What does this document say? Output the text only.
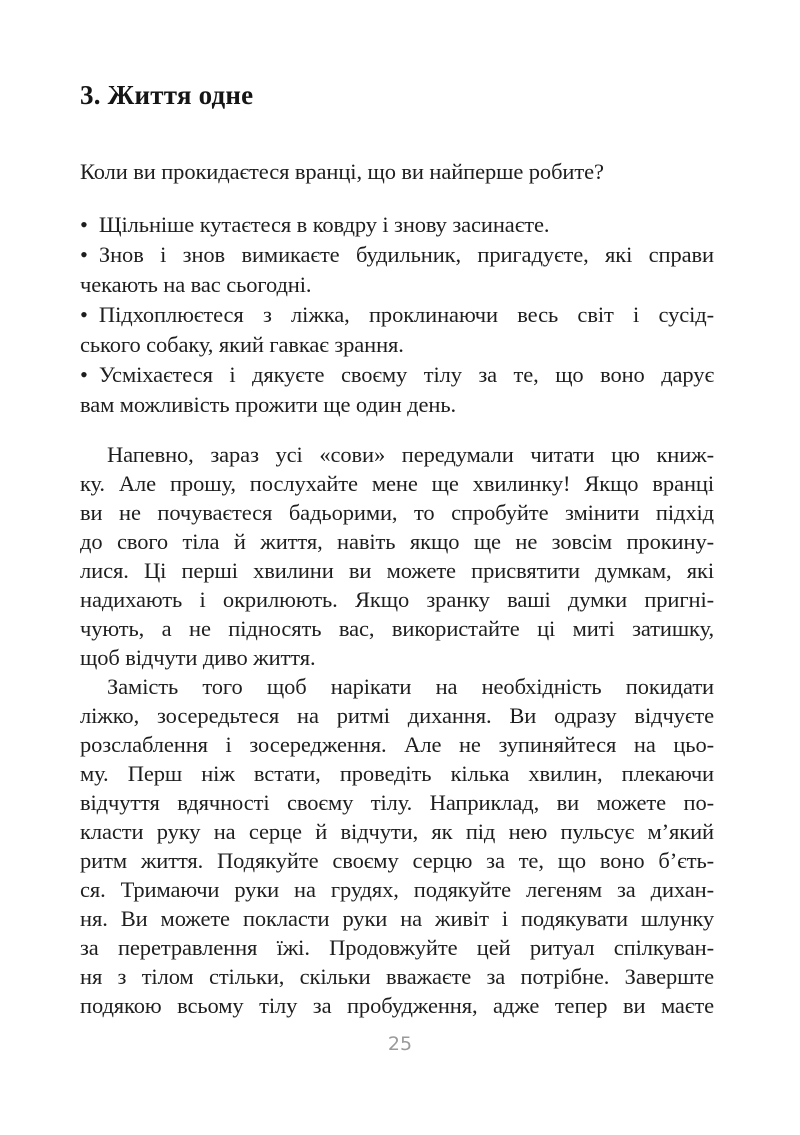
3. Життя одне

Коли ви прокидаєтеся вранці, що ви найперше робите?

• Щільніше кутаєтеся в ковдру і знову засинаєте.
• Знов і знов вимикаєте будильник, пригадуєте, які справи
чекають на вас сьогодні.
• Підхоплюєтеся з ліжка, проклинаючи весь світ і сусід-
ського собаку, який гавкає зрання.
• Усміхаєтеся і дякуєте своєму тілу за те, що воно дарує
вам можливість прожити ще один день.
Напевно, зараз усі «сови» передумали читати цю книж-
ку. Але прошу, послухайте мене ще хвилинку! Якщо вранці
ви не почуваєтеся бадьорими, то спробуйте змінити підхід
до свого тіла й життя, навіть якщо ще не зовсім прокину-
лися. Ці перші хвилини ви можете присвятити думкам, які
надихають і окрилюють. Якщо зранку ваші думки пригні-
чують, а не підносять вас, використайте ці миті затишку,
щоб відчути диво життя.
Замість того щоб нарікати на необхідність покидати
ліжко, зосередьтеся на ритмі дихання. Ви одразу відчуєте
розслаблення і зосередження. Але не зупиняйтеся на цьо-
му. Перш ніж встати, проведіть кілька хвилин, плекаючи
відчуття вдячності своєму тілу. Наприклад, ви можете по-
класти руку на серце й відчути, як під нею пульсує м’який
ритм життя. Подякуйте своєму серцю за те, що воно б’єть-
ся. Тримаючи руки на грудях, подякуйте легеням за дихан-
ня. Ви можете покласти руки на живіт і подякувати шлунку
за перетравлення їжі. Продовжуйте цей ритуал спілкуван-
ня з тілом стільки, скільки вважаєте за потрібне. Заверште
подякою всьому тілу за пробудження, адже тепер ви маєте
25
